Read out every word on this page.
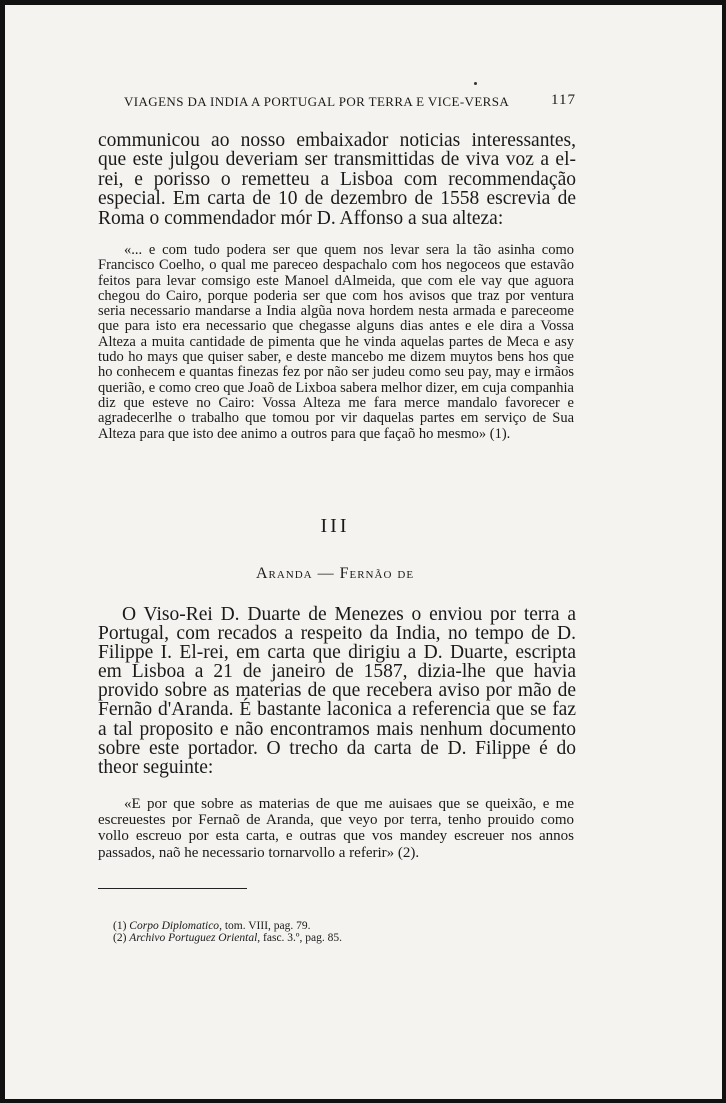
VIAGENS DA INDIA A PORTUGAL POR TERRA E VICE-VERSA	117
communicou ao nosso embaixador noticias interessantes, que este julgou deveriam ser transmittidas de viva voz a el-rei, e porisso o remetteu a Lisboa com recommendação especial. Em carta de 10 de dezembro de 1558 escrevia de Roma o commendador mór D. Affonso a sua alteza:
«... e com tudo podera ser que quem nos levar sera la tão asinha como Francisco Coelho, o qual me pareceo despachalo com hos negoceos que estavão feitos para levar comsigo este Manoel dAlmeida, que com ele vay que aguora chegou do Cairo, porque poderia ser que com hos avisos que traz por ventura seria necessario mandarse a India algũa nova hordem nesta armada e pareceome que para isto era necessario que chegasse alguns dias antes e ele dira a Vossa Alteza a muita cantidade de pimenta que he vinda aquelas partes de Meca e asy tudo ho mays que quiser saber, e deste mancebo me dizem muytos bens hos que ho conhecem e quantas finezas fez por não ser judeu como seu pay, may e irmãos querião, e como creo que Joaõ de Lixboa sabera melhor dizer, em cuja companhia diz que esteve no Cairo: Vossa Alteza me fara merce mandalo favorecer e agradecerlhe o trabalho que tomou por vir daquelas partes em serviço de Sua Alteza para que isto dee animo a outros para que façaõ ho mesmo» (1).
III
Aranda — Fernão de
O Viso-Rei D. Duarte de Menezes o enviou por terra a Portugal, com recados a respeito da India, no tempo de D. Filippe I. El-rei, em carta que dirigiu a D. Duarte, escripta em Lisboa a 21 de janeiro de 1587, dizia-lhe que havia provido sobre as materias de que recebera aviso por mão de Fernão d'Aranda. É bastante laconica a referencia que se faz a tal proposito e não encontramos mais nenhum documento sobre este portador. O trecho da carta de D. Filippe é do theor seguinte:
«E por que sobre as materias de que me auisaes que se queixão, e me escreuestes por Fernaõ de Aranda, que veyo por terra, tenho prouido como vollo escreuo por esta carta, e outras que vos mandey escreuer nos annos passados, naõ he necessario tornarvollo a referir» (2).
(1) Corpo Diplomatico, tom. VIII, pag. 79.
(2) Archivo Portuguez Oriental, fasc. 3.º, pag. 85.
